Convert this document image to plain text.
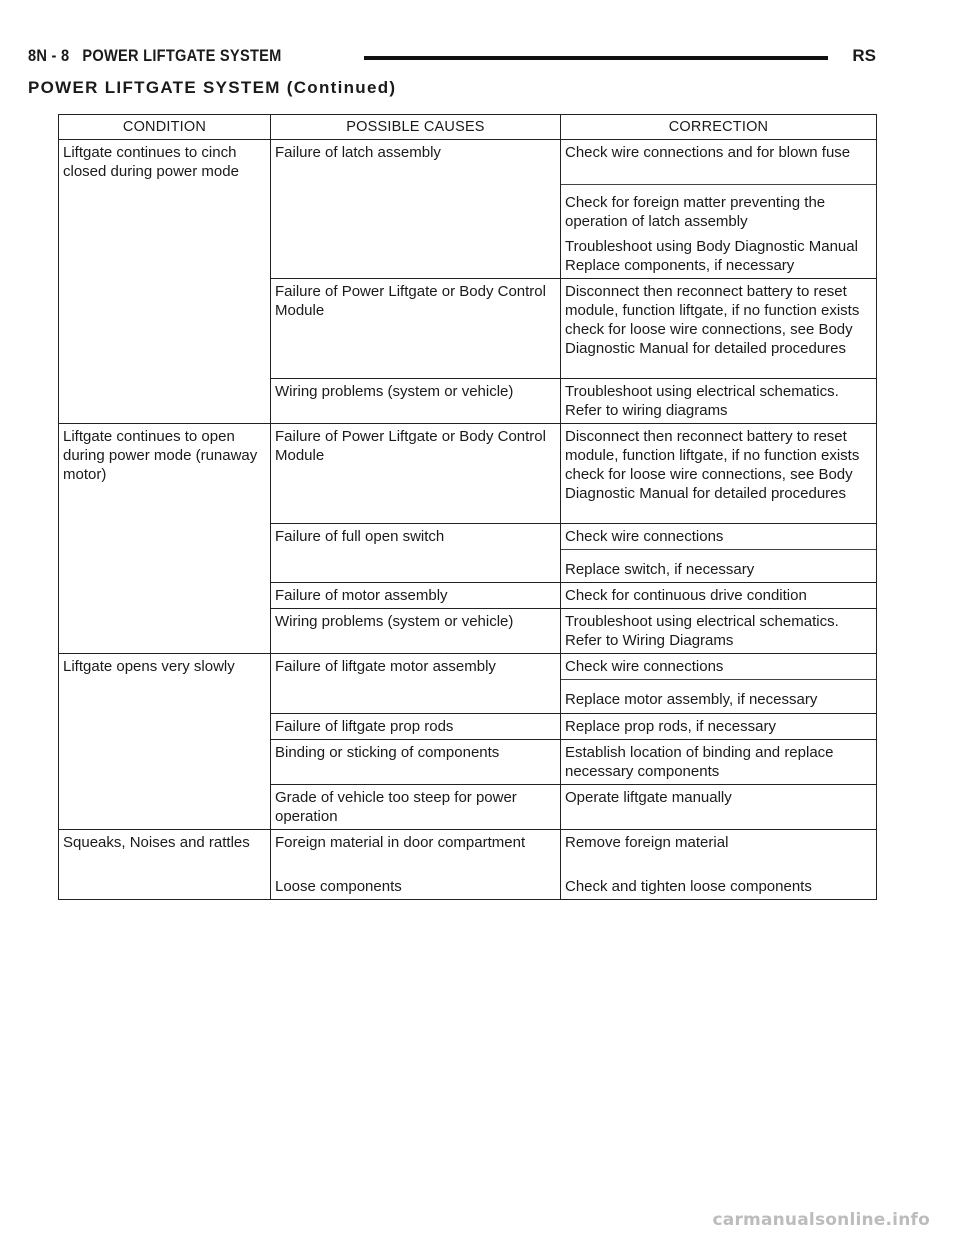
8N - 8   POWER LIFTGATE SYSTEM	RS
POWER LIFTGATE SYSTEM (Continued)
CONDITION	POSSIBLE CAUSES	CORRECTION
Liftgate continues to cinch closed during power mode	Failure of latch assembly	Check wire connections and for blown fuse
		Check for foreign matter preventing the operation of latch assembly
		Troubleshoot using Body Diagnostic Manual Replace components, if necessary
	Failure of Power Liftgate or Body Control Module	Disconnect then reconnect battery to reset module, function liftgate, if no function exists check for loose wire connections, see Body Diagnostic Manual for detailed procedures
	Wiring problems (system or vehicle)	Troubleshoot using electrical schematics. Refer to wiring diagrams
Liftgate continues to open during power mode (runaway motor)	Failure of Power Liftgate or Body Control Module	Disconnect then reconnect battery to reset module, function liftgate, if no function exists check for loose wire connections, see Body Diagnostic Manual for detailed procedures
	Failure of full open switch	Check wire connections
		Replace switch, if necessary
	Failure of motor assembly	Check for continuous drive condition
	Wiring problems (system or vehicle)	Troubleshoot using electrical schematics. Refer to Wiring Diagrams
Liftgate opens very slowly	Failure of liftgate motor assembly	Check wire connections
		Replace motor assembly, if necessary
	Failure of liftgate prop rods	Replace prop rods, if necessary
	Binding or sticking of components	Establish location of binding and replace necessary components
	Grade of vehicle too steep for power operation	Operate liftgate manually
Squeaks, Noises and rattles	Foreign material in door compartment	Remove foreign material
	Loose components	Check and tighten loose components
carmanualsonline.info
